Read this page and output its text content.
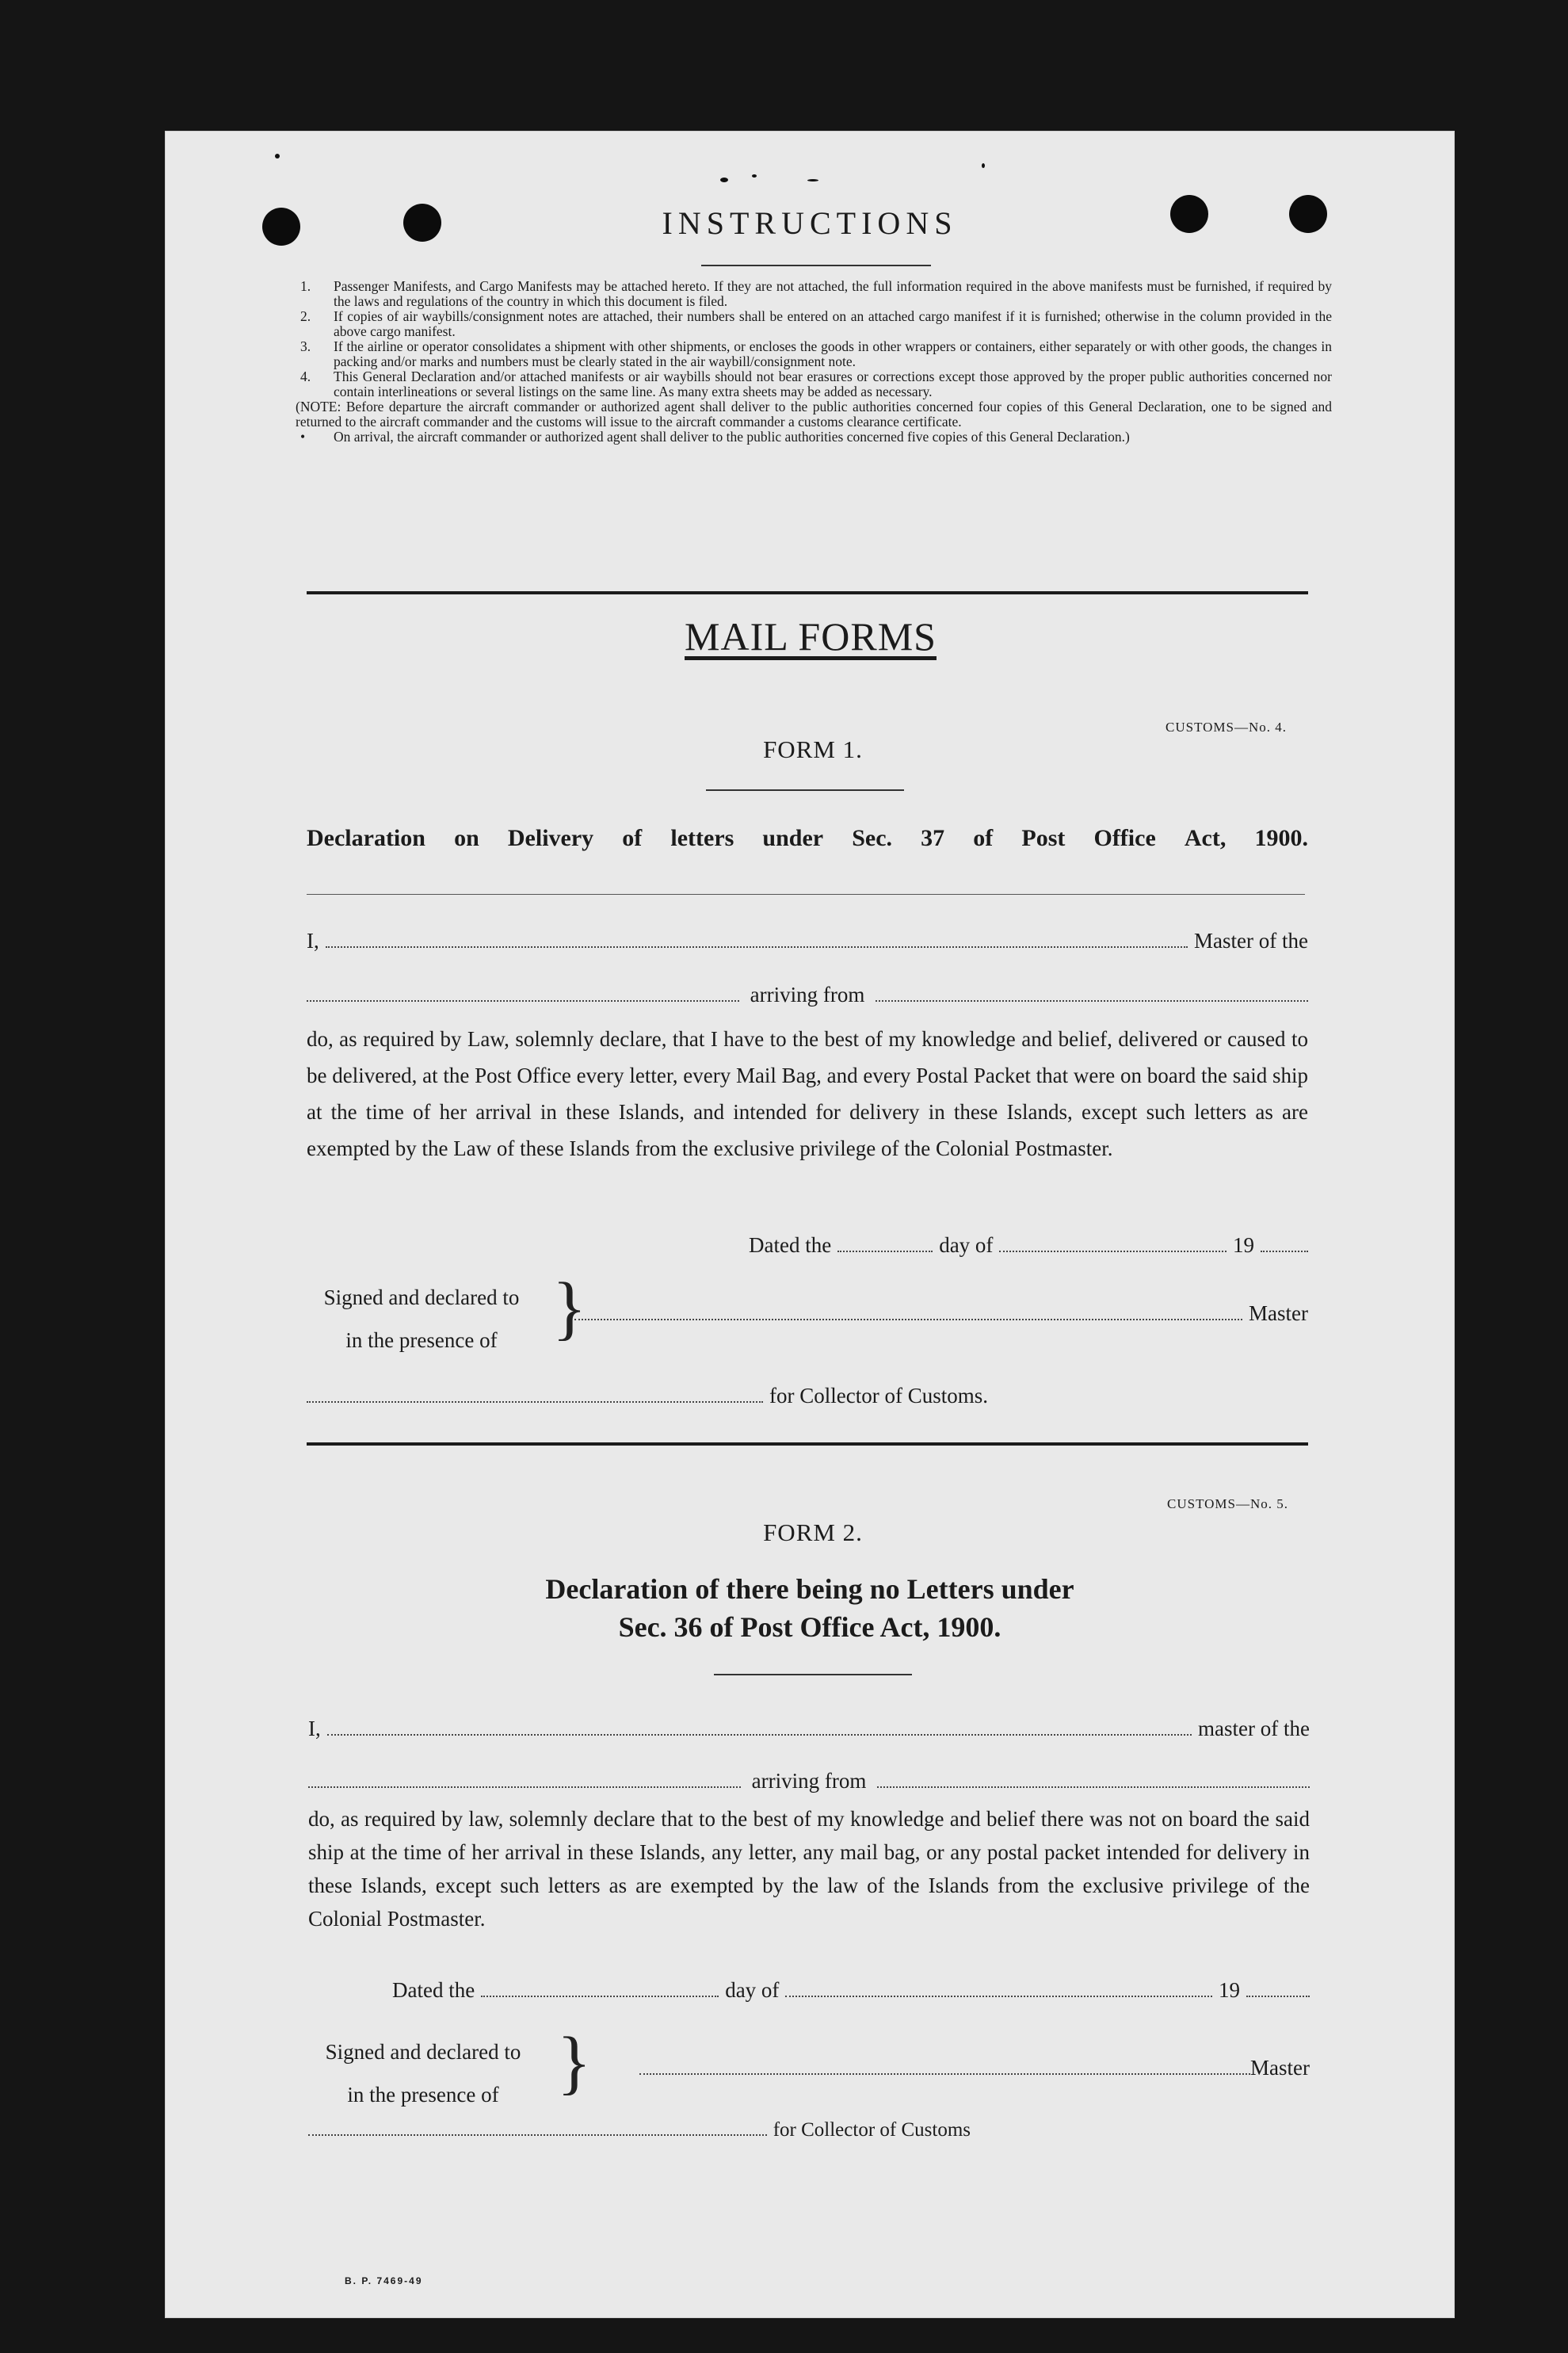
INSTRUCTIONS
1.	Passenger Manifests, and Cargo Manifests may be attached hereto. If they are not attached, the full information required in the above manifests must be furnished, if required by the laws and regulations of the country in which this document is filed.
2.	If copies of air waybills/consignment notes are attached, their numbers shall be entered on an attached cargo manifest if it is furnished; otherwise in the column provided in the above cargo manifest.
3.	If the airline or operator consolidates a shipment with other shipments, or encloses the goods in other wrappers or containers, either separately or with other goods, the changes in packing and/or marks and numbers must be clearly stated in the air waybill/consignment note.
4.	This General Declaration and/or attached manifests or air waybills should not bear erasures or corrections except those approved by the proper public authorities concerned nor contain interlineations or several listings on the same line. As many extra sheets may be added as necessary.
(NOTE: Before departure the aircraft commander or authorized agent shall deliver to the public authorities concerned four copies of this General Declaration, one to be signed and returned to the aircraft commander and the customs will issue to the aircraft commander a customs clearance certificate.
•	On arrival, the aircraft commander or authorized agent shall deliver to the public authorities concerned five copies of this General Declaration.)
MAIL FORMS
CUSTOMS—No. 4.
FORM 1.
Declaration on Delivery of letters under Sec. 37 of Post Office Act, 1900.
I,	Master of the
arriving from
do, as required by Law, solemnly declare, that I have to the best of my knowledge and belief, delivered or caused to be delivered, at the Post Office every letter, every Mail Bag, and every Postal Packet that were on board the said ship at the time of her arrival in these Islands, and intended for delivery in these Islands, except such letters as are exempted by the Law of these Islands from the exclusive privilege of the Colonial Postmaster.
Dated the	day of	19
Signed and declared to
in the presence of }	Master
for Collector of Customs.
CUSTOMS—No. 5.
FORM 2.
Declaration of there being no Letters under
Sec. 36 of Post Office Act, 1900.
I,	master of the
arriving from
do, as required by law, solemnly declare that to the best of my knowledge and belief there was not on board the said ship at the time of her arrival in these Islands, any letter, any mail bag, or any postal packet intended for delivery in these Islands, except such letters as are exempted by the law of the Islands from the exclusive privilege of the Colonial Postmaster.
Dated the	day of	19
Signed and declared to
in the presence of }	Master
for Collector of Customs
B. P. 7469-49
